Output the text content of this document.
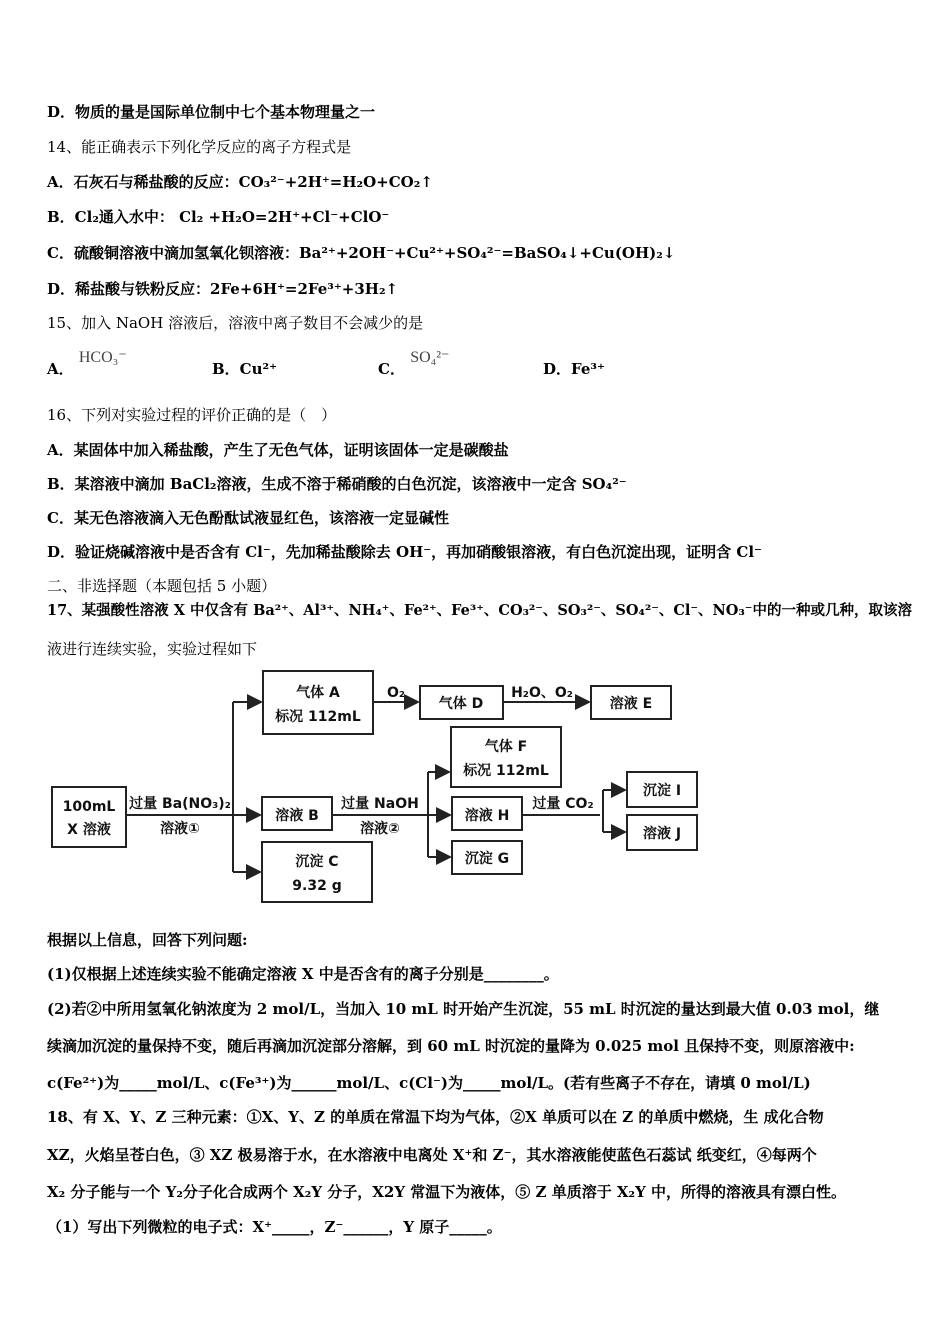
D．物质的量是国际单位制中七个基本物理量之一
14、能正确表示下列化学反应的离子方程式是
A．石灰石与稀盐酸的反应：CO₃²⁻+2H⁺=H₂O+CO₂↑
B．Cl₂通入水中： Cl₂ +H₂O=2H⁺+Cl⁻+ClO⁻
C．硫酸铜溶液中滴加氢氧化钡溶液：Ba²⁺+2OH⁻+Cu²⁺+SO₄²⁻=BaSO₄↓+Cu(OH)₂↓
D．稀盐酸与铁粉反应：2Fe+6H⁺=2Fe³⁺+3H₂↑
15、加入 NaOH 溶液后，溶液中离子数目不会减少的是
A． HCO₃⁻
B．Cu²⁺	C． SO₄²⁻
D．Fe³⁺
16、下列对实验过程的评价正确的是（　）
A．某固体中加入稀盐酸，产生了无色气体，证明该固体一定是碳酸盐
B．某溶液中滴加 BaCl₂溶液，生成不溶于稀硝酸的白色沉淀，该溶液中一定含 SO₄²⁻
C．某无色溶液滴入无色酚酞试液显红色，该溶液一定显碱性
D．验证烧碱溶液中是否含有 Cl⁻，先加稀盐酸除去 OH⁻，再加硝酸银溶液，有白色沉淀出现，证明含 Cl⁻
二、非选择题（本题包括 5 小题）
17、某强酸性溶液 X 中仅含有 Ba²⁺、Al³⁺、NH₄⁺、Fe²⁺、Fe³⁺、CO₃²⁻、SO₃²⁻、SO₄²⁻、Cl⁻、NO₃⁻中的一种或几种，取该溶
液进行连续实验，实验过程如下
100mL
X 溶液
过量 Ba(NO₃)₂
溶液①
气体 A
标况 112mL
O₂
气体 D
H₂O、O₂
溶液 E
溶液 B
过量 NaOH
溶液②
沉淀 C
9.32 g
气体 F
标况 112mL
溶液 H
沉淀 G
过量 CO₂
沉淀 I
溶液 J
根据以上信息，回答下列问题:
(1)仅根据上述连续实验不能确定溶液 X 中是否含有的离子分别是________。
(2)若②中所用氢氧化钠浓度为 2 mol/L，当加入 10 mL 时开始产生沉淀，55 mL 时沉淀的量达到最大值 0.03 mol，继
续滴加沉淀的量保持不变，随后再滴加沉淀部分溶解，到 60 mL 时沉淀的量降为 0.025 mol 且保持不变，则原溶液中:
c(Fe²⁺)为_____mol/L、c(Fe³⁺)为______mol/L、c(Cl⁻)为_____mol/L。(若有些离子不存在，请填 0 mol/L)
18、有 X、Y、Z 三种元素：①X、Y、Z 的单质在常温下均为气体，②X 单质可以在 Z 的单质中燃烧，生 成化合物
XZ，火焰呈苍白色，③ XZ 极易溶于水，在水溶液中电离处 X⁺和 Z⁻，其水溶液能使蓝色石蕊试 纸变红，④每两个
X₂ 分子能与一个 Y₂分子化合成两个 X₂Y 分子，X2Y 常温下为液体，⑤ Z 单质溶于 X₂Y 中，所得的溶液具有漂白性。
（1）写出下列微粒的电子式：X⁺_____，Z⁻______，Y 原子_____。
